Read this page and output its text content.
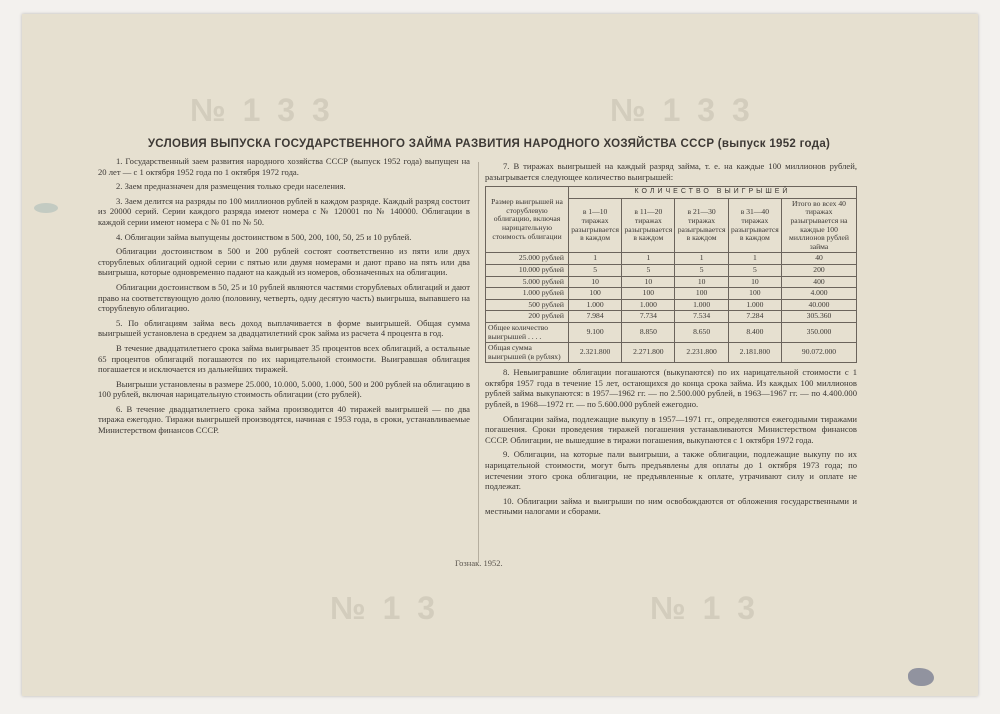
№ 1 3 3	№ 1 3 3
№ 1 3	№ 1 3
УСЛОВИЯ ВЫПУСКА ГОСУДАРСТВЕННОГО ЗАЙМА РАЗВИТИЯ НАРОДНОГО ХОЗЯЙСТВА СССР (выпуск 1952 года)

1. Государственный заем развития народного хозяйства СССР (выпуск 1952 года) выпущен на 20 лет — с 1 октября 1952 года по 1 октября 1972 года.

2. Заем предназначен для размещения только среди населения.

3. Заем делится на разряды по 100 миллионов рублей в каждом разряде. Каждый разряд состоит из 20000 серий. Серии каждого разряда имеют номера с № 120001 по № 140000. Облигации в каждой серии имеют номера с № 01 по № 50.

4. Облигации займа выпущены достоинством в 500, 200, 100, 50, 25 и 10 рублей.

Облигации достоинством в 500 и 200 рублей состоят соответственно из пяти или двух сторублевых облигаций одной серии с пятью или двумя номерами и дают право на пять или два выигрыша, которые одновременно падают на каждый из номеров, обозначенных на облигации.

Облигации достоинством в 50, 25 и 10 рублей являются частями сторублевых облигаций и дают право на соответствующую долю (половину, четверть, одну десятую часть) выигрыша, выпавшего на сторублевую облигацию.

5. По облигациям займа весь доход выплачивается в форме выигрышей. Общая сумма выигрышей установлена в среднем за двадцатилетний срок займа из расчета 4 процента в год.

В течение двадцатилетнего срока займа выигрывает 35 процентов всех облигаций, а остальные 65 процентов облигаций погашаются по их нарицательной стоимости. Выигравшая облигация погашается и исключается из дальнейших тиражей.

Выигрыши установлены в размере 25.000, 10.000, 5.000, 1.000, 500 и 200 рублей на облигацию в 100 рублей, включая нарицательную стоимость облигации (сто рублей).

6. В течение двадцатилетнего срока займа производится 40 тиражей выигрышей — по два тиража ежегодно. Тиражи выигрышей производятся, начиная с 1953 года, в сроки, устанавливаемые Министерством финансов СССР.

7. В тиражах выигрышей на каждый разряд займа, т. е. на каждые 100 миллионов рублей, разыгрывается следующее количество выигрышей:

Размер выигрышей на сторублевую облигацию, включая нарицательную стоимость облигации	КОЛИЧЕСТВО ВЫИГРЫШЕЙ				
	в 1—10 тиражах разыгрывается в каждом	в 11—20 тиражах разыгрывается в каждом	в 21—30 тиражах разыгрывается в каждом	в 31—40 тиражах разыгрывается в каждом	Итого во всех 40 тиражах разыгрывается на каждые 100 миллионов рублей займа
25.000 рублей	1	1	1	1	40
10.000 рублей	5	5	5	5	200
5.000 рублей	10	10	10	10	400
1.000 рублей	100	100	100	100	4.000
500 рублей	1.000	1.000	1.000	1.000	40.000
200 рублей	7.984	7.734	7.534	7.284	305.360
Общее количество выигрышей . . . .	9.100	8.850	8.650	8.400	350.000
Общая сумма выигрышей (в рублях)	2.321.800	2.271.800	2.231.800	2.181.800	90.072.000

8. Невыигравшие облигации погашаются (выкупаются) по их нарицательной стоимости с 1 октября 1957 года в течение 15 лет, остающихся до конца срока займа. Из каждых 100 миллионов рублей займа выкупаются: в 1957—1962 гг. — по 2.500.000 рублей, в 1963—1967 гг. — по 4.400.000 рублей, в 1968—1972 гг. — по 5.600.000 рублей ежегодно.

Облигации займа, подлежащие выкупу в 1957—1971 гг., определяются ежегодными тиражами погашения. Сроки проведения тиражей погашения устанавливаются Министерством финансов СССР. Облигации, не вышедшие в тиражи погашения, выкупаются с 1 октября 1972 года.

9. Облигации, на которые пали выигрыши, а также облигации, подлежащие выкупу по их нарицательной стоимости, могут быть предъявлены для оплаты до 1 октября 1973 года; по истечении этого срока облигации, не предъявленные к оплате, утрачивают силу и оплате не подлежат.

10. Облигации займа и выигрыши по ним освобождаются от обложения государственными и местными налогами и сборами.

Гознак. 1952.
